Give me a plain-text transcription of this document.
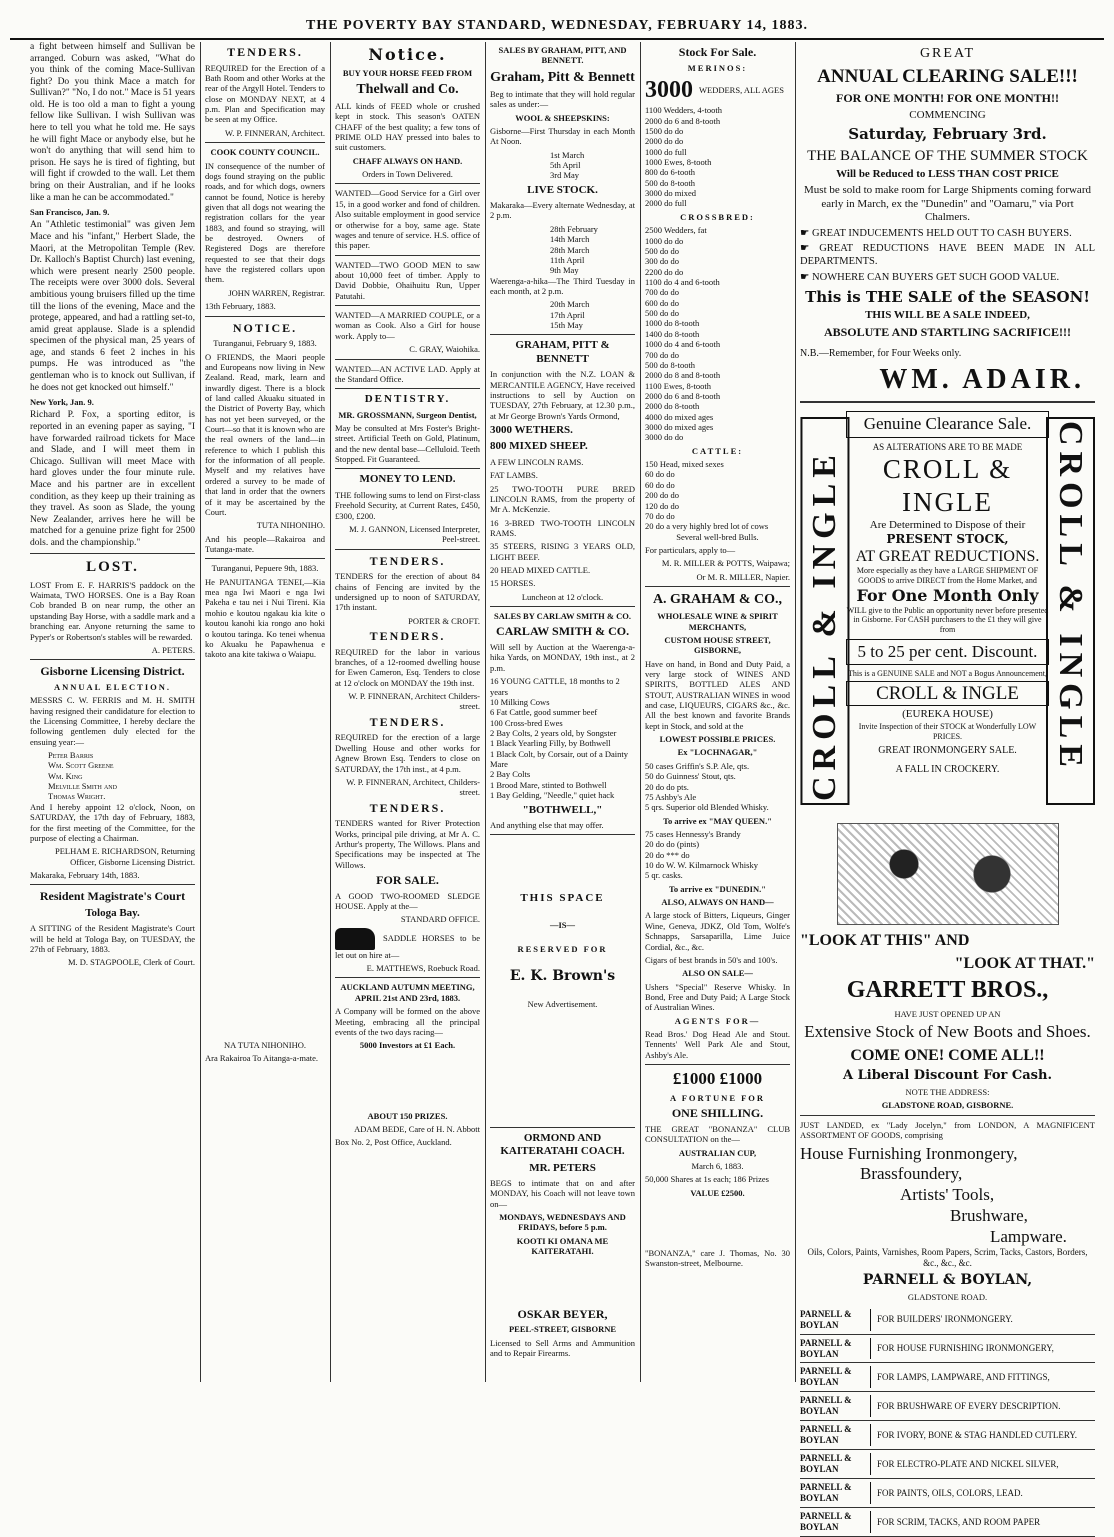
THE POVERTY BAY STANDARD, WEDNESDAY, FEBRUARY 14, 1883.

a fight between himself and Sullivan be arranged. Coburn was asked, "What do you think of the coming Mace-Sullivan fight? Do you think Mace a match for Sullivan?" "No, I do not." Mace is 51 years old. He is too old a man to fight a young fellow like Sullivan. I wish Sullivan was here to tell you what he told me. He says he will fight Mace or anybody else, but he won't do anything that will send him to prison. He says he is tired of fighting, but will fight if crowded to the wall. Let them bring on their Australian, and if he looks like a man he can be accommodated."

San Francisco, Jan. 9.

An "Athletic testimonial" was given Jem Mace and his "infant," Herbert Slade, the Maori, at the Metropolitan Temple (Rev. Dr. Kalloch's Baptist Church) last evening, which were present nearly 2500 people. The receipts were over 3000 dols. Several ambitious young bruisers filled up the time till the lions of the evening, Mace and the protege, appeared, and had a rattling set-to, amid great applause. Slade is a splendid specimen of the physical man, 25 years of age, and stands 6 feet 2 inches in his pumps. He was introduced as "the gentleman who is to knock out Sullivan, if he does not get knocked out himself."

New York, Jan. 9.

Richard P. Fox, a sporting editor, is reported in an evening paper as saying, "I have forwarded railroad tickets for Mace and Slade, and I will meet them in Chicago. Sullivan will meet Mace with hard gloves under the four minute rule. Mace and his partner are in excellent condition, as they keep up their training as they travel. As soon as Slade, the young New Zealander, arrives here he will be matched for a genuine prize fight for 2500 dols. and the championship."

LOST.

LOST From E. F. HARRIS'S paddock on the Waimata, TWO HORSES. One is a Bay Roan Cob branded B on near rump, the other an upstanding Bay Horse, with a saddle mark and a branching ear. Anyone returning the same to Pyper's or Robertson's stables will be rewarded.

A. PETERS.

Gisborne Licensing District.
ANNUAL ELECTION.

MESSRS C. W. FERRIS and M. H. SMITH having resigned their candidature for election to the Licensing Committee, I hereby declare the following gentlemen duly elected for the ensuing year:—

Peter Barris
Wm. Scott Greene
Wm. King
Melville Smith and
Thomas Wright.

And I hereby appoint 12 o'clock, Noon, on SATURDAY, the 17th day of February, 1883, for the first meeting of the Committee, for the purpose of electing a Chairman.

PELHAM E. RICHARDSON, Returning Officer, Gisborne Licensing District.

Makaraka, February 14th, 1883.

Resident Magistrate's Court
Tologa Bay.

A SITTING of the Resident Magistrate's Court will be held at Tologa Bay, on TUESDAY, the 27th of February, 1883.

M. D. STAGPOOLE, Clerk of Court.

TENDERS.

REQUIRED for the Erection of a Bath Room and other Works at the rear of the Argyll Hotel. Tenders to close on MONDAY NEXT, at 4 p.m. Plan and Specification may be seen at my Office.

W. P. FINNERAN, Architect.

COOK COUNTY COUNCIL.

IN consequence of the number of dogs found straying on the public roads, and for which dogs, owners cannot be found, Notice is hereby given that all dogs not wearing the registration collars for the year 1883, and found so straying, will be destroyed. Owners of Registered Dogs are therefore requested to see that their dogs have the registered collars upon them.

JOHN WARREN, Registrar.

13th February, 1883.

NOTICE.

Turanganui, February 9, 1883.

O FRIENDS, the Maori people and Europeans now living in New Zealand. Read, mark, learn and inwardly digest. There is a block of land called Akuaku situated in the District of Poverty Bay, which has not yet been surveyed, or the Court—so that it is known who are the real owners of the land—in reference to which I publish this for the information of all people. Myself and my relatives have ordered a survey to be made of that land in order that the owners of it may be ascertained by the Court.

TUTA NIHONIHO.

And his people—Rakairoa and Tutanga-mate.

Turanganui, Pepuere 9th, 1883.

He PANUITANGA TENEI,—Kia mea nga Iwi Maori e nga Iwi Pakeha e tau nei i Nui Tireni. Kia mohio e koutou ngakau kia kite o koutou kanohi kia rongo ano hoki o koutou taringa. Ko tenei whenua ko Akuaku he Papawhenua e takoto ana kite takiwa o Waiapu.

NA TUTA NIHONIHO.

Ara Rakairoa To Aitanga-a-mate.

Notice.
BUY YOUR HORSE FEED FROM
Thelwall and Co.

ALL kinds of FEED whole or crushed kept in stock. This season's OATEN CHAFF of the best quality; a few tons of PRIME OLD HAY pressed into bales to suit customers.

CHAFF ALWAYS ON HAND.

Orders in Town Delivered.

WANTED—Good Service for a Girl over 15, in a good worker and fond of children. Also suitable employment in good service or otherwise for a boy, same age. State wages and tenure of service. H.S. office of this paper.

WANTED—TWO GOOD MEN to saw about 10,000 feet of timber. Apply to David Dobbie, Ohaihuitu Run, Upper Patutahi.

WANTED—A MARRIED COUPLE, or a woman as Cook. Also a Girl for house work. Apply to—

C. GRAY, Waiohika.

WANTED—AN ACTIVE LAD. Apply at the Standard Office.

DENTISTRY.
MR. GROSSMANN, Surgeon Dentist,

May be consulted at Mrs Foster's Bright-street. Artificial Teeth on Gold, Platinum, and the new dental base—Celluloid. Teeth Stopped. Fit Guaranteed.

MONEY TO LEND.

THE following sums to lend on First-class Freehold Security, at Current Rates, £450, £300, £200.

M. J. GANNON, Licensed Interpreter, Peel-street.

TENDERS.

TENDERS for the erection of about 84 chains of Fencing are invited by the undersigned up to noon of SATURDAY, 17th instant.

PORTER & CROFT.

TENDERS.

REQUIRED for the labor in various branches, of a 12-roomed dwelling house for Ewen Cameron, Esq. Tenders to close at 12 o'clock on MONDAY the 19th inst.

W. P. FINNERAN, Architect Childers-street.

TENDERS.

REQUIRED for the erection of a large Dwelling House and other works for Agnew Brown Esq. Tenders to close on SATURDAY, the 17th inst., at 4 p.m.

W. P. FINNERAN, Architect, Childers-street.

TENDERS.

TENDERS wanted for River Protection Works, principal pile driving, at Mr A. C. Arthur's property, The Willows. Plans and Specifications may be inspected at The Willows.

FOR SALE.

A GOOD TWO-ROOMED SLEDGE HOUSE. Apply at the—

STANDARD OFFICE.

SADDLE HORSES to be let out on hire at—

E. MATTHEWS, Roebuck Road.

AUCKLAND AUTUMN MEETING, APRIL 21st AND 23rd, 1883.

A Company will be formed on the above Meeting, embracing all the principal events of the two days racing—

5000 Investors at £1 Each.
ABOUT 150 PRIZES.

ADAM BEDE, Care of H. N. Abbott

Box No. 2, Post Office, Auckland.

SALES BY GRAHAM, PITT, AND BENNETT.
Graham, Pitt & Bennett

Beg to intimate that they will hold regular sales as under:—

WOOL & SHEEPSKINS:

Gisborne—First Thursday in each Month At Noon.

1st March
5th April
3rd May
LIVE STOCK.

Makaraka—Every alternate Wednesday, at 2 p.m.

28th February
14th March
28th March
11th April
9th May

Waerenga-a-hika—The Third Tuesday in each month, at 2 p.m.

20th March
17th April
15th May
GRAHAM, PITT & BENNETT

In conjunction with the N.Z. LOAN & MERCANTILE AGENCY, Have received instructions to sell by Auction on TUESDAY, 27th February, at 12.30 p.m., at Mr George Brown's Yards Ormond,

3000 WETHERS.

800 MIXED SHEEP.

A FEW LINCOLN RAMS.

FAT LAMBS.

25 TWO-TOOTH PURE BRED LINCOLN RAMS, from the property of Mr A. McKenzie.

16 3-BRED TWO-TOOTH LINCOLN RAMS.

35 STEERS, RISING 3 YEARS OLD, LIGHT BEEF.

20 HEAD MIXED CATTLE.

15 HORSES.

Luncheon at 12 o'clock.

SALES BY CARLAW SMITH & CO.
CARLAW SMITH & CO.

Will sell by Auction at the Waerenga-a-hika Yards, on MONDAY, 19th inst., at 2 p.m.

16 YOUNG CATTLE, 18 months to 2 years
10 Milking Cows
6 Fat Cattle, good summer beef
100 Cross-bred Ewes
2 Bay Colts, 2 years old, by Songster
1 Black Yearling Filly, by Bothwell
1 Black Colt, by Corsair, out of a Dainty Mare
2 Bay Colts
1 Brood Mare, stinted to Bothwell
1 Bay Gelding, "Needle," quiet hack
"BOTHWELL,"

And anything else that may offer.

THIS SPACE
—IS—
RESERVED FOR
E. K. Brown's
New Advertisement.
ORMOND AND KAITERATAHI COACH.
MR. PETERS

BEGS to intimate that on and after MONDAY, his Coach will not leave town on—

MONDAYS, WEDNESDAYS AND FRIDAYS, before 5 p.m.
KOOTI KI OMANA ME KAITERATAHI.
OSKAR BEYER,
PEEL-STREET, GISBORNE

Licensed to Sell Arms and Ammunition and to Repair Firearms.

Stock For Sale.
MERINOS:
3000 WEDDERS, ALL AGES
1100 Wedders, 4-tooth
2000 do 6 and 8-tooth
1500 do do
2000 do do
1000 do full
1000 Ewes, 8-tooth
800 do 6-tooth
500 do 8-tooth
3000 do mixed
2000 do full
CROSSBRED:
2500 Wedders, fat
1000 do do
500 do do
300 do do
2200 do do
1100 do 4 and 6-tooth
700 do do
600 do do
500 do do
1000 do 8-tooth
1400 do 8-tooth
1000 do 4 and 6-tooth
700 do do
500 do 8-tooth
2000 do 8 and 8-tooth
1100 Ewes, 8-tooth
2000 do 6 and 8-tooth
2000 do 8-tooth
4000 do mixed ages
3000 do mixed ages
3000 do do
CATTLE:
150 Head, mixed sexes
60 do do
60 do do
200 do do
120 do do
70 do do
20 do a very highly bred lot of cows

Several well-bred Bulls.

For particulars, apply to—

M. R. MILLER & POTTS, Waipawa;

Or M. R. MILLER, Napier.

A. GRAHAM & CO.,
WHOLESALE WINE & SPIRIT MERCHANTS,
CUSTOM HOUSE STREET, GISBORNE,

Have on hand, in Bond and Duty Paid, a very large stock of WINES AND SPIRITS, BOTTLED ALES AND STOUT, AUSTRALIAN WINES in wood and case, LIQUEURS, CIGARS &c., &c. All the best known and favorite Brands kept in Stock, and sold at the

LOWEST POSSIBLE PRICES.
Ex "LOCHNAGAR,"
50 cases Griffin's S.P. Ale, qts.
50 do Guinness' Stout, qts.
20 do do pts.
75 Ashby's Ale
5 qrs. Superior old Blended Whisky.
To arrive ex "MAY QUEEN."
75 cases Hennessy's Brandy
20 do do (pints)
20 do *** do
10 do W. W. Kilmarnock Whisky
5 qr. casks.
To arrive ex "DUNEDIN."
ALSO, ALWAYS ON HAND—

A large stock of Bitters, Liqueurs, Ginger Wine, Geneva, JDKZ, Old Tom, Wolfe's Schnapps, Sarsaparilla, Lime Juice Cordial, &c., &c.

Cigars of best brands in 50's and 100's.

ALSO ON SALE—

Ushers "Special" Reserve Whisky. In Bond, Free and Duty Paid; A Large Stock of Australian Wines.

AGENTS FOR—

Read Bros.' Dog Head Ale and Stout. Tennents' Well Park Ale and Stout, Ashby's Ale.

£1000 £1000
A FORTUNE FOR
ONE SHILLING.

THE GREAT "BONANZA" CLUB CONSULTATION on the—

AUSTRALIAN CUP,
March 6, 1883.

50,000 Shares at 1s each; 186 Prizes

VALUE £2500.

"BONANZA," care J. Thomas, No. 30 Swanston-street, Melbourne.

GREAT
ANNUAL CLEARING SALE!!!
FOR ONE MONTH! FOR ONE MONTH!!
COMMENCING
Saturday, February 3rd.
THE BALANCE OF THE SUMMER STOCK
Will be Reduced to LESS THAN COST PRICE

Must be sold to make room for Large Shipments coming forward early in March, ex the "Dunedin" and "Oamaru," via Port Chalmers.

☛ GREAT INDUCEMENTS HELD OUT TO CASH BUYERS.

☛ GREAT REDUCTIONS HAVE BEEN MADE IN ALL DEPARTMENTS.

☛ NOWHERE CAN BUYERS GET SUCH GOOD VALUE.

This is THE SALE of the SEASON!
THIS WILL BE A SALE INDEED,
ABSOLUTE AND STARTLING SACRIFICE!!!

N.B.—Remember, for Four Weeks only.

WM. ADAIR.
CROLL & INGLE	CROLL & INGLE
Genuine Clearance Sale.
AS ALTERATIONS ARE TO BE MADE
CROLL & INGLE
Are Determined to Dispose of their
PRESENT STOCK,
AT GREAT REDUCTIONS.
More especially as they have a LARGE SHIPMENT OF GOODS to arrive DIRECT from the Home Market, and
For One Month Only
WILL give to the Public an opportunity never before presented in Gisborne. For CASH purchasers to the £1 they will give from
5 to 25 per cent. Discount.
This is a GENUINE SALE and NOT a Bogus Announcement,
CROLL & INGLE
(EUREKA HOUSE)
Invite Inspection of their STOCK at Wonderfully LOW PRICES.
GREAT IRONMONGERY SALE.
A FALL IN CROCKERY.
"LOOK AT THIS" AND
"LOOK AT THAT."
GARRETT BROS.,
HAVE JUST OPENED UP AN
Extensive Stock of New Boots and Shoes.
COME ONE! COME ALL!!
A Liberal Discount For Cash.
NOTE THE ADDRESS:
GLADSTONE ROAD, GISBORNE.

JUST LANDED, ex "Lady Jocelyn," from LONDON, A MAGNIFICENT ASSORTMENT OF GOODS, comprising

House Furnishing Ironmongery,
Brassfoundery,
Artists' Tools,
Brushware,
Lampware.

Oils, Colors, Paints, Varnishes, Room Papers, Scrim, Tacks, Castors, Borders, &c., &c., &c.

PARNELL & BOYLAN,
GLADSTONE ROAD.
PARNELL & BOYLAN
FOR BUILDERS' IRONMONGERY.
PARNELL & BOYLAN
FOR HOUSE FURNISHING IRONMONGERY,
PARNELL & BOYLAN
FOR LAMPS, LAMPWARE, AND FITTINGS,
PARNELL & BOYLAN
FOR BRUSHWARE OF EVERY DESCRIPTION.
PARNELL & BOYLAN
FOR IVORY, BONE & STAG HANDLED CUTLERY.
PARNELL & BOYLAN
FOR ELECTRO-PLATE AND NICKEL SILVER,
PARNELL & BOYLAN
FOR PAINTS, OILS, COLORS, LEAD.
PARNELL & BOYLAN
FOR SCRIM, TACKS, AND ROOM PAPER
